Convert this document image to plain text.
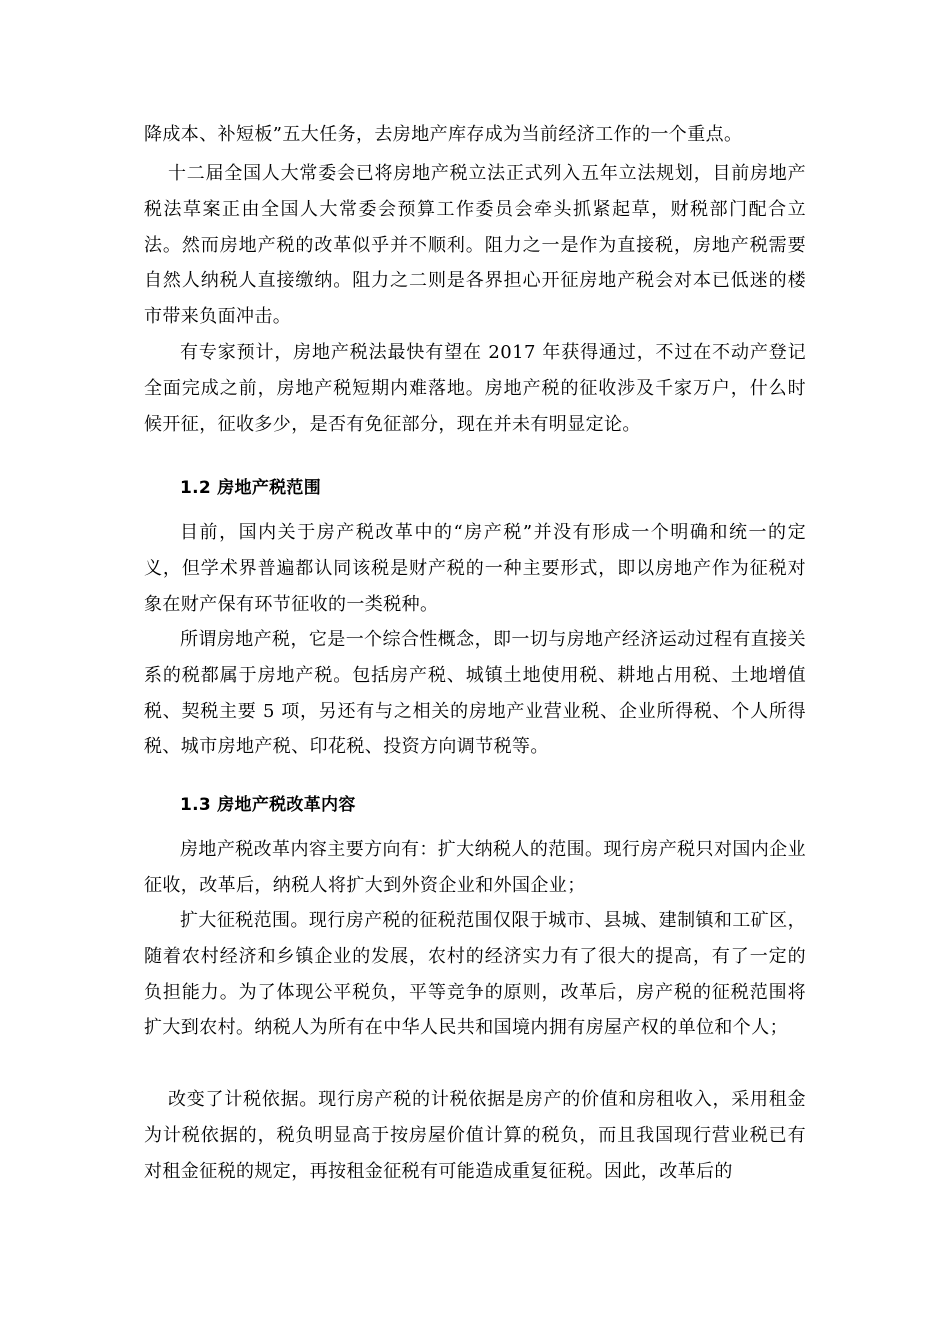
降成本、补短板”五大任务，去房地产库存成为当前经济工作的一个重点。

十二届全国人大常委会已将房地产税立法正式列入五年立法规划，目前房地产税法草案正由全国人大常委会预算工作委员会牵头抓紧起草，财税部门配合立法。然而房地产税的改革似乎并不顺利。阻力之一是作为直接税，房地产税需要自然人纳税人直接缴纳。阻力之二则是各界担心开征房地产税会对本已低迷的楼市带来负面冲击。

有专家预计，房地产税法最快有望在 2017 年获得通过，不过在不动产登记全面完成之前，房地产税短期内难落地。房地产税的征收涉及千家万户，什么时候开征，征收多少，是否有免征部分，现在并未有明显定论。

1.2 房地产税范围

目前，国内关于房产税改革中的“房产税”并没有形成一个明确和统一的定义，但学术界普遍都认同该税是财产税的一种主要形式，即以房地产作为征税对象在财产保有环节征收的一类税种。

所谓房地产税，它是一个综合性概念，即一切与房地产经济运动过程有直接关系的税都属于房地产税。包括房产税、城镇土地使用税、耕地占用税、土地增值税、契税主要 5 项，另还有与之相关的房地产业营业税、企业所得税、个人所得税、城市房地产税、印花税、投资方向调节税等。

1.3 房地产税改革内容

房地产税改革内容主要方向有：扩大纳税人的范围。现行房产税只对国内企业征收，改革后，纳税人将扩大到外资企业和外国企业；

扩大征税范围。现行房产税的征税范围仅限于城市、县城、建制镇和工矿区，随着农村经济和乡镇企业的发展，农村的经济实力有了很大的提高，有了一定的负担能力。为了体现公平税负，平等竞争的原则，改革后，房产税的征税范围将扩大到农村。纳税人为所有在中华人民共和国境内拥有房屋产权的单位和个人；

改变了计税依据。现行房产税的计税依据是房产的价值和房租收入，采用租金为计税依据的，税负明显高于按房屋价值计算的税负，而且我国现行营业税已有对租金征税的规定，再按租金征税有可能造成重复征税。因此，改革后的
